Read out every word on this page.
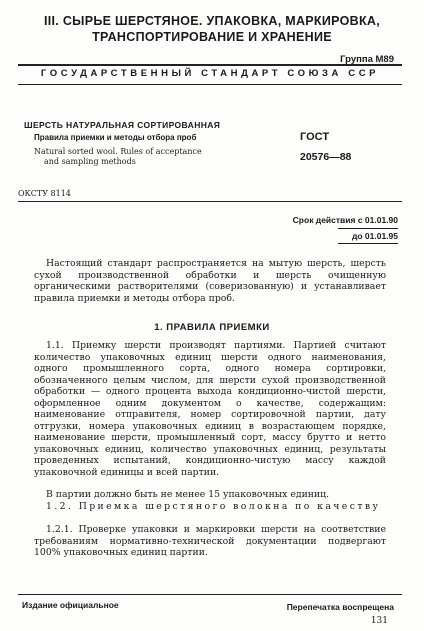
III. СЫРЬЕ ШЕРСТЯНОЕ. УПАКОВКА, МАРКИРОВКА,
ТРАНСПОРТИРОВАНИЕ И ХРАНЕНИЕ
Группа М89
ГОСУДАРСТВЕННЫЙ СТАНДАРТ СОЮЗА ССР
ШЕРСТЬ НАТУРАЛЬНАЯ СОРТИРОВАННАЯ
Правила приемки и методы отбора проб
Natural sorted wool. Rules of acceptance
and sampling methods
ГОСТ
20576—88
ОКСТУ 8114
Срок действия с 01.01.90
до 01.01.95
Настоящий стандарт распространяется на мытую шерсть, шерсть сухой производственной обработки и шерсть очищенную органическими растворителями (соверизованную) и устанавливает правила приемки и методы отбора проб.
1. ПРАВИЛА ПРИЕМКИ
1.1. Приемку шерсти производят партиями. Партией считают количество упаковочных единиц шерсти одного наименования, одного промышленного сорта, одного номера сортировки, обозначенного целым числом, для шерсти сухой производственной обработки — одного процента выхода кондиционно-чистой шерсти, оформленное одним документом о качестве, содержащим: наименование отправителя, номер сортировочной партии, дату отгрузки, номера упаковочных единиц в возрастающем порядке, наименование шерсти, промышленный сорт, массу брутто и нетто упаковочных единиц, количество упаковочных единиц, результаты проведенных испытаний, кондиционно-чистую массу каждой упаковочной единицы и всей партии.
В партии должно быть не менее 15 упаковочных единиц.
1.2. Приемка шерстяного волокна по качеству
1.2.1. Проверке упаковки и маркировки шерсти на соответствие требованиям нормативно-технической документации подвергают 100% упаковочных единиц партии.
Издание официальное	Перепечатка воспрещена
131
